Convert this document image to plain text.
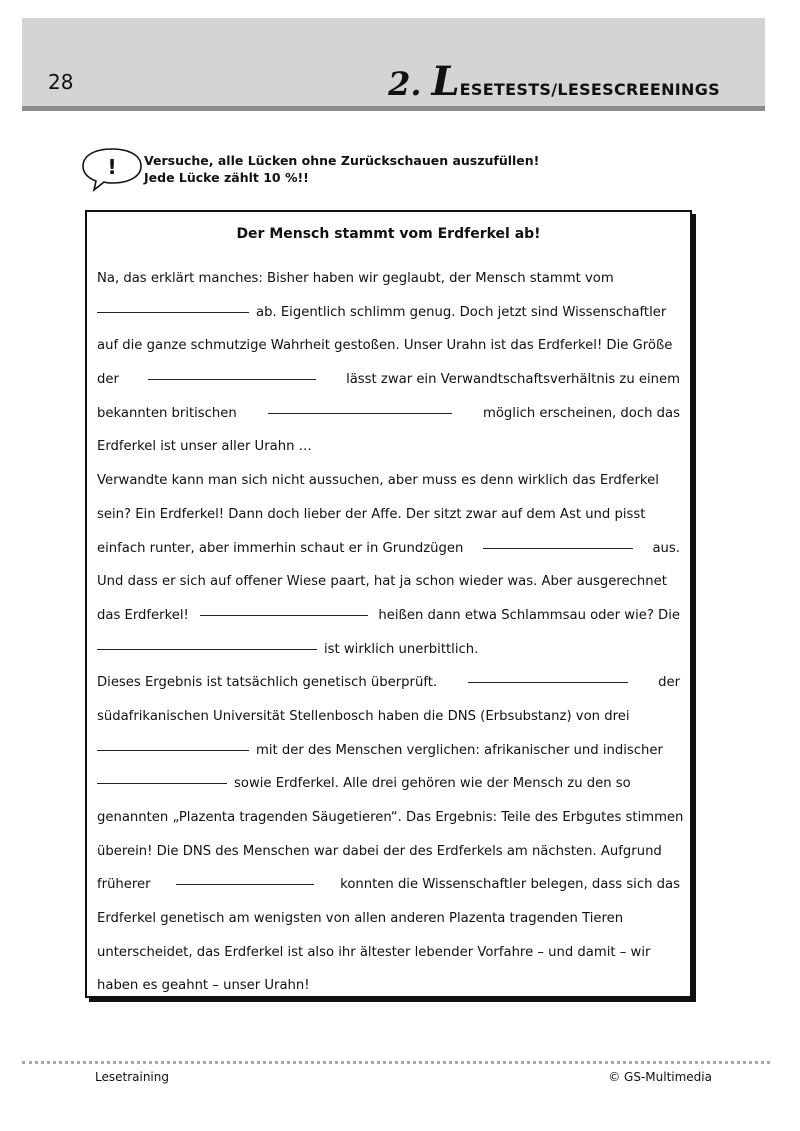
28	2. L ESETESTS/LESESCREENINGS
! Versuche, alle Lücken ohne Zurückschauen auszufüllen!
Jede Lücke zählt 10 %!!
Der Mensch stammt vom Erdferkel ab!
Na, das erklärt manches: Bisher haben wir geglaubt, der Mensch stammt vom
ab. Eigentlich schlimm genug. Doch jetzt sind Wissenschaftler
auf die ganze schmutzige Wahrheit gestoßen. Unser Urahn ist das Erdferkel! Die Größe
der	lässt zwar ein Verwandtschaftsverhältnis zu einem
bekannten britischen	möglich erscheinen, doch das
Erdferkel ist unser aller Urahn …
Verwandte kann man sich nicht aussuchen, aber muss es denn wirklich das Erdferkel
sein? Ein Erdferkel! Dann doch lieber der Affe. Der sitzt zwar auf dem Ast und pisst
einfach runter, aber immerhin schaut er in Grundzügen	aus.
Und dass er sich auf offener Wiese paart, hat ja schon wieder was. Aber ausgerechnet
das Erdferkel!	heißen dann etwa Schlammsau oder wie? Die
ist wirklich unerbittlich.
Dieses Ergebnis ist tatsächlich genetisch überprüft.	der
südafrikanischen Universität Stellenbosch haben die DNS (Erbsubstanz) von drei
mit der des Menschen verglichen: afrikanischer und indischer
sowie Erdferkel. Alle drei gehören wie der Mensch zu den so
genannten „Plazenta tragenden Säugetieren“. Das Ergebnis: Teile des Erbgutes stimmen
überein! Die DNS des Menschen war dabei der des Erdferkels am nächsten. Aufgrund
früherer	konnten die Wissenschaftler belegen, dass sich das
Erdferkel genetisch am wenigsten von allen anderen Plazenta tragenden Tieren
unterscheidet, das Erdferkel ist also ihr ältester lebender Vorfahre – und damit – wir
haben es geahnt – unser Urahn!
Lesetraining	© GS-Multimedia
